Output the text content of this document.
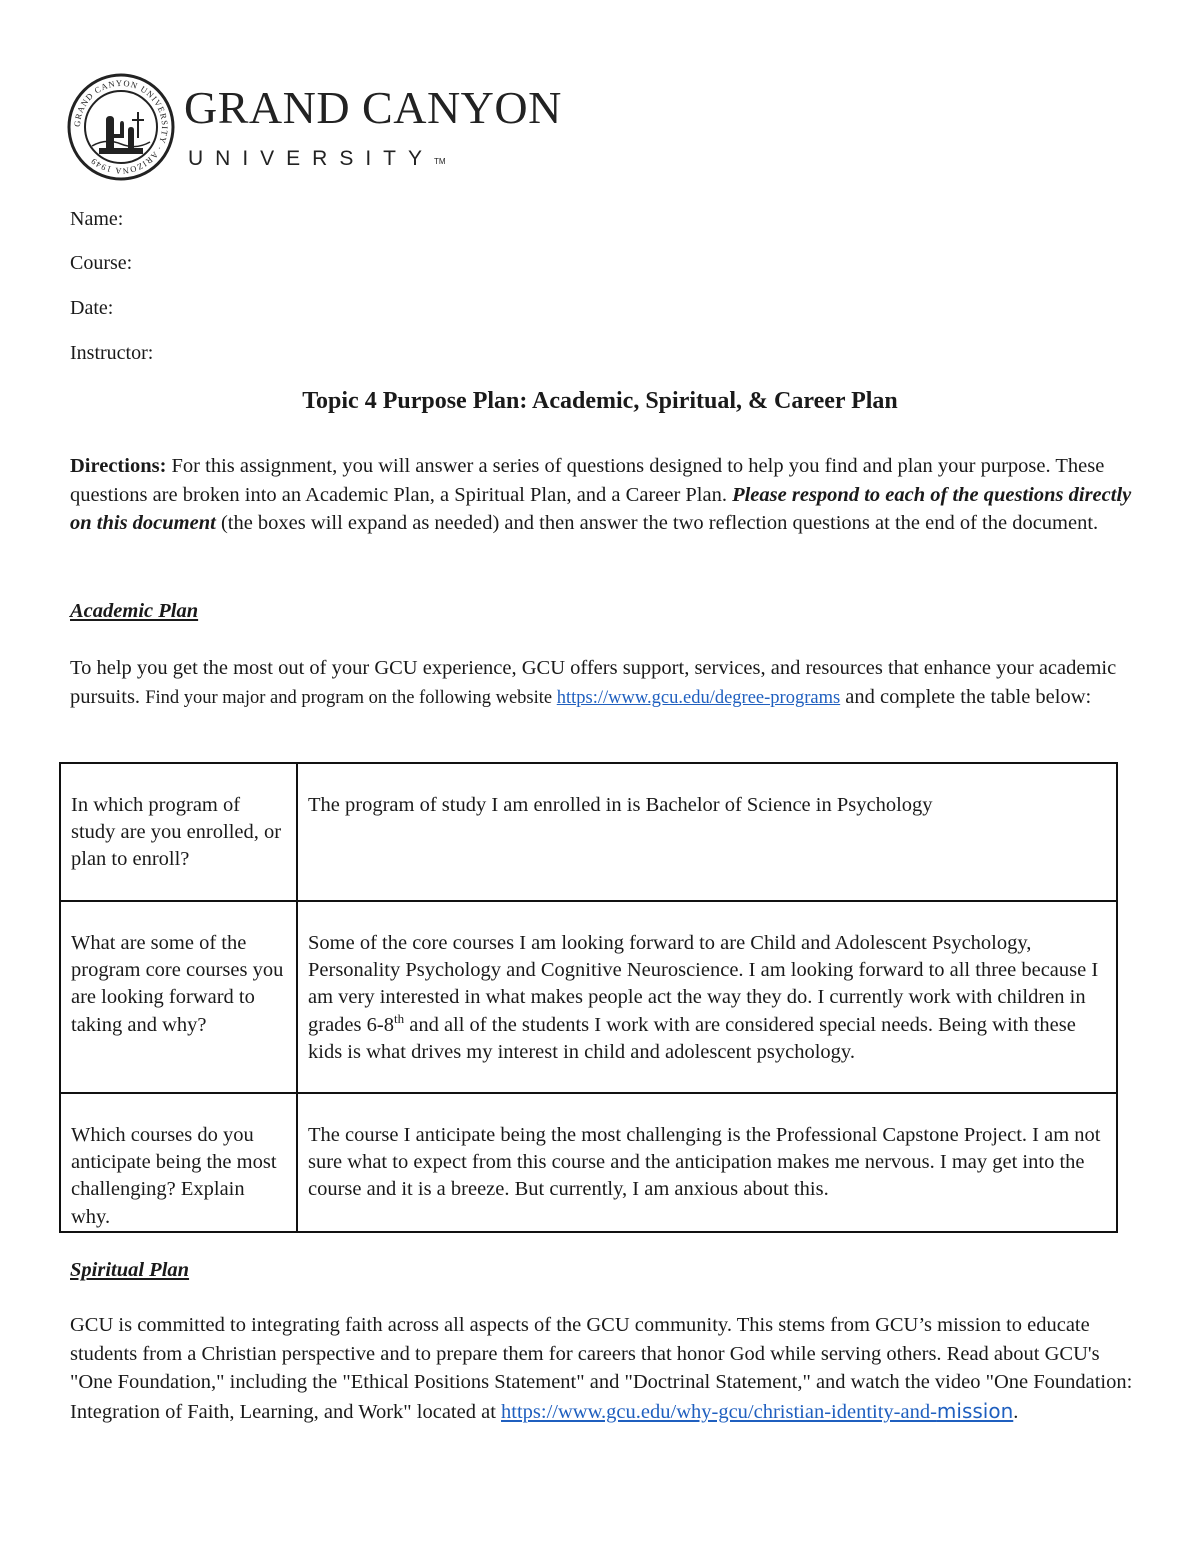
GRAND CANYON UNIVERSITY · ARIZONA 1949
GRAND CANYON
UNIVERSITY™
Name:
Course:
Date:
Instructor:
Topic 4 Purpose Plan: Academic, Spiritual, & Career Plan
Directions: For this assignment, you will answer a series of questions designed to help you find and plan your purpose. These questions are broken into an Academic Plan, a Spiritual Plan, and a Career Plan. Please respond to each of the questions directly on this document (the boxes will expand as needed) and then answer the two reflection questions at the end of the document.
Academic Plan
To help you get the most out of your GCU experience, GCU offers support, services, and resources that enhance your academic pursuits. Find your major and program on the following website https://www.gcu.edu/degree-programs and complete the table below:
In which program of study are you enrolled, or plan to enroll?	The program of study I am enrolled in is Bachelor of Science in Psychology
What are some of the program core courses you are looking forward to taking and why?	Some of the core courses I am looking forward to are Child and Adolescent Psychology, Personality Psychology and Cognitive Neuroscience. I am looking forward to all three because I am very interested in what makes people act the way they do. I currently work with children in grades 6-8th and all of the students I work with are considered special needs. Being with these kids is what drives my interest in child and adolescent psychology.
Which courses do you anticipate being the most challenging? Explain why.	The course I anticipate being the most challenging is the Professional Capstone Project. I am not sure what to expect from this course and the anticipation makes me nervous. I may get into the course and it is a breeze. But currently, I am anxious about this.
Spiritual Plan
GCU is committed to integrating faith across all aspects of the GCU community. This stems from GCU’s mission to educate students from a Christian perspective and to prepare them for careers that honor God while serving others. Read about GCU's "One Foundation," including the "Ethical Positions Statement" and "Doctrinal Statement," and watch the video "One Foundation: Integration of Faith, Learning, and Work" located at https://www.gcu.edu/why-gcu/christian-identity-and-mission.
